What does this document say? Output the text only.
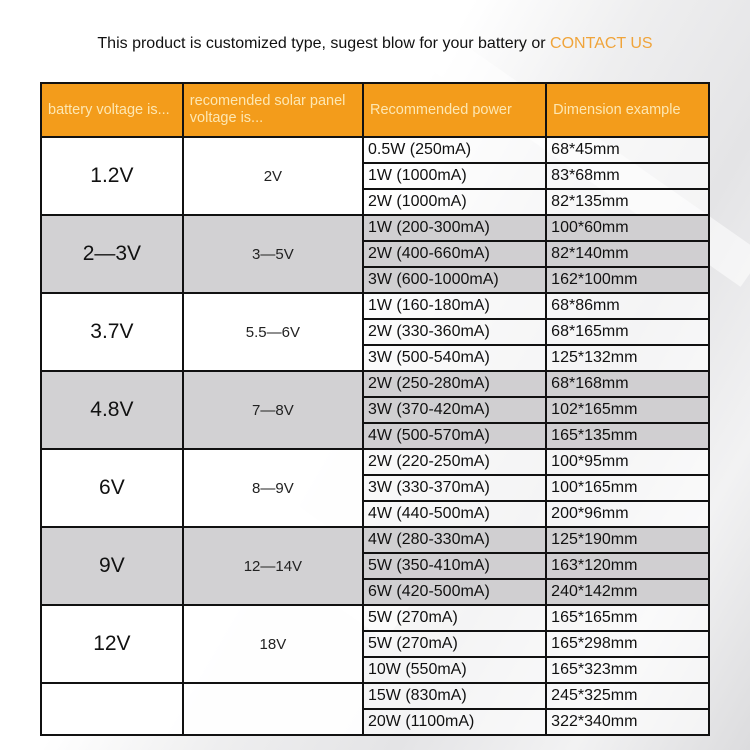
This product is customized type, sugest blow for your battery or CONTACT US
battery voltage is...	recomended solar panel voltage is...	Recommended power	Dimension example
1.2V	2V	0.5W (250mA)	68*45mm
		1W (1000mA)	83*68mm
		2W (1000mA)	82*135mm
2—3V	3—5V	1W (200-300mA)	100*60mm
		2W (400-660mA)	82*140mm
		3W (600-1000mA)	162*100mm
3.7V	5.5—6V	1W (160-180mA)	68*86mm
		2W (330-360mA)	68*165mm
		3W (500-540mA)	125*132mm
4.8V	7—8V	2W (250-280mA)	68*168mm
		3W (370-420mA)	102*165mm
		4W (500-570mA)	165*135mm
6V	8—9V	2W (220-250mA)	100*95mm
		3W (330-370mA)	100*165mm
		4W (440-500mA)	200*96mm
9V	12—14V	4W (280-330mA)	125*190mm
		5W (350-410mA)	163*120mm
		6W (420-500mA)	240*142mm
12V	18V	5W (270mA)	165*165mm
		5W (270mA)	165*298mm
		10W (550mA)	165*323mm
		15W (830mA)	245*325mm
		20W (1100mA)	322*340mm
